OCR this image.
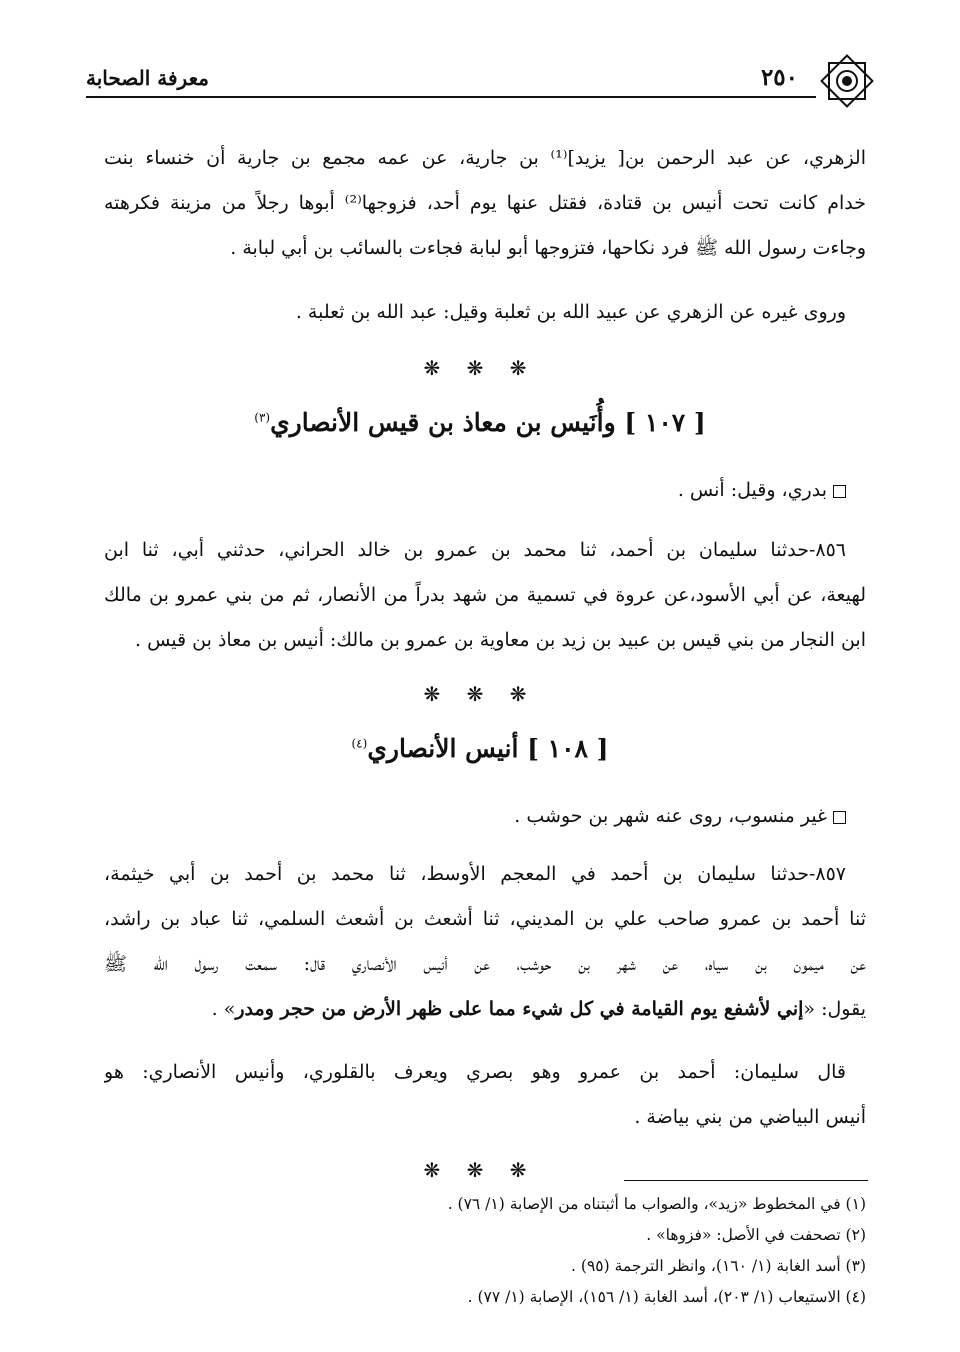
٢٥٠
معرفة الصحابة
الزهري، عن عبد الرحمن بن[ يزيد]⁽¹⁾ بن جارية، عن عمه مجمع بن جارية أن خنساء بنت
خدام كانت تحت أنيس بن قتادة، فقتل عنها يوم أحد، فزوجها⁽²⁾ أبوها رجلاً من مزينة فكرهته
وجاءت رسول الله ﷺ فرد نكاحها، فتزوجها أبو لبابة فجاءت بالسائب بن أبي لبابة .
وروى غيره عن الزهري عن عبيد الله بن ثعلبة وقيل: عبد الله بن ثعلبة .
❋ ❋ ❋
[ ١٠٧ ] وأُنَيس بن معاذ بن قيس الأنصاري$^{(٣)}$
بدري، وقيل: أنس .
٨٥٦-حدثنا سليمان بن أحمد، ثنا محمد بن عمرو بن خالد الحراني، حدثني أبي، ثنا ابن
لهيعة، عن أبي الأسود،عن عروة في تسمية من شهد بدراً من الأنصار، ثم من بني عمرو بن مالك
ابن النجار من بني قيس بن عبيد بن زيد بن معاوية بن عمرو بن مالك: أنيس بن معاذ بن قيس .
❋ ❋ ❋
[ ١٠٨ ] أنيس الأنصاري$^{(٤)}$
غير منسوب، روى عنه شهر بن حوشب .
٨٥٧-حدثنا سليمان بن أحمد في المعجم الأوسط، ثنا محمد بن أحمد بن أبي خيثمة،
ثنا أحمد بن عمرو صاحب علي بن المديني، ثنا أشعث بن أشعث السلمي، ثنا عباد بن راشد،
عن ميمون بن سياه، عن شهر بن حوشب، عن أنيس الأنصاري قال: سمعت رسول الله ﷺ
يقول: «إني لأشفع يوم القيامة في كل شيء مما على ظهر الأرض من حجر ومدر» .
قال سليمان: أحمد بن عمرو وهو بصري ويعرف بالقلوري، وأنيس الأنصاري: هو
أنيس البياضي من بني بياضة .
❋ ❋ ❋
(١) في المخطوط «زيد»، والصواب ما أثبتناه من الإصابة (١/ ٧٦) .
(٢) تصحفت في الأصل: «فزوها» .
(٣) أسد الغابة (١/ ١٦٠)، وانظر الترجمة (٩٥) .
(٤) الاستيعاب (١/ ٢٠٣)، أسد الغابة (١/ ١٥٦)، الإصابة (١/ ٧٧) .
